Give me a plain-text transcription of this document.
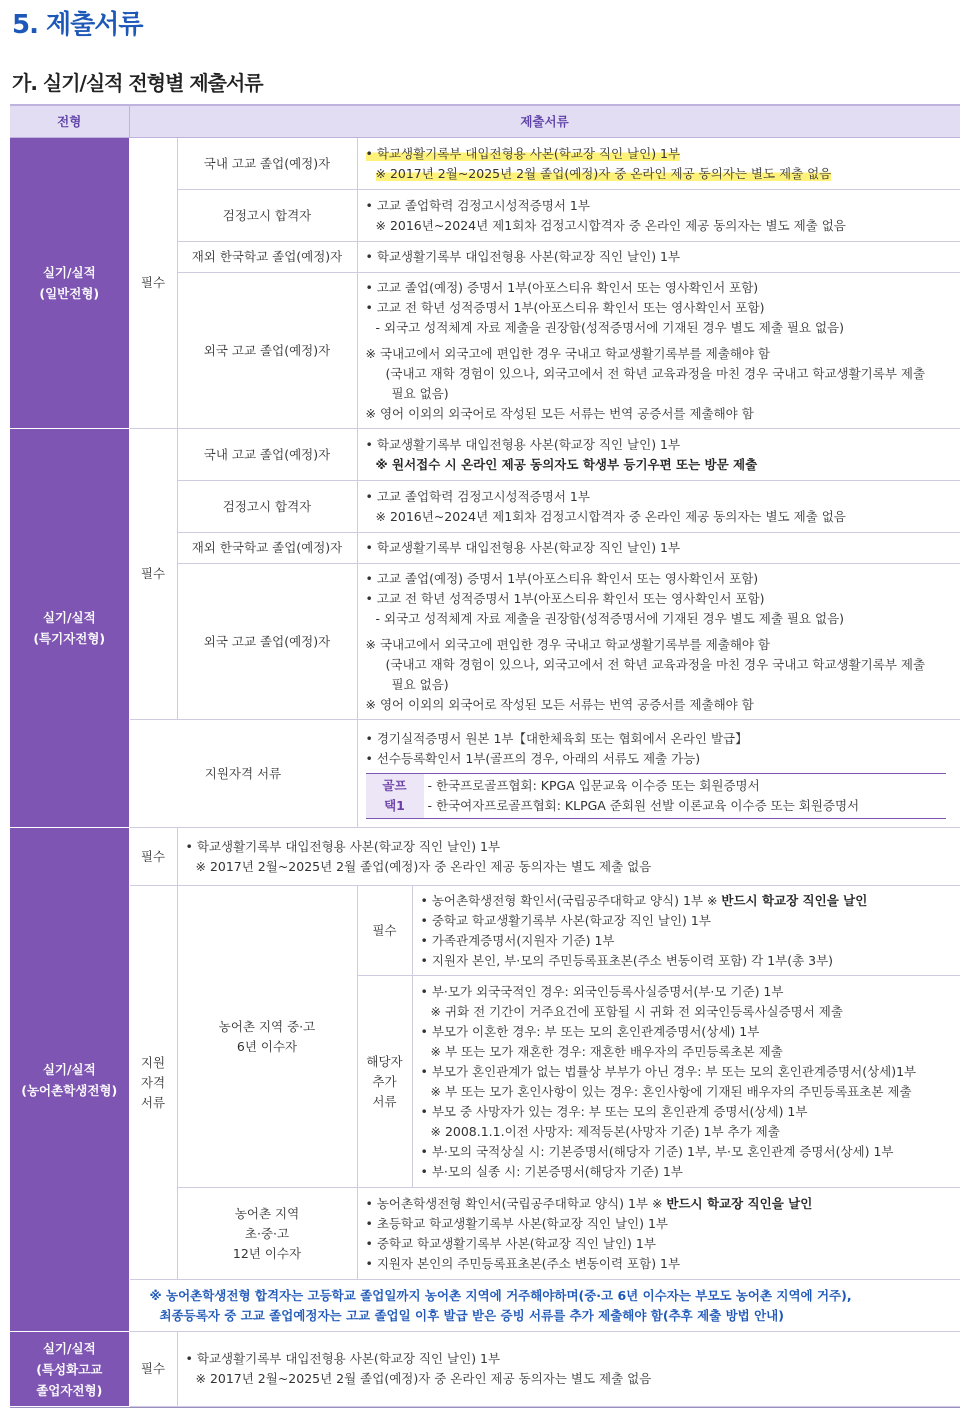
5. 제출서류
가. 실기/실적 전형별 제출서류
전형	제출서류

실기/실적
(일반전형)
	필수	국내 고교 졸업(예정)자	
• 학교생활기록부 대입전형용 사본(학교장 직인 날인) 1부
※ 2017년 2월~2025년 2월 졸업(예정)자 중 온라인 제공 동의자는 별도 제출 없음

검정고시 합격자	
• 고교 졸업학력 검정고시성적증명서 1부
※ 2016년~2024년 제1회차 검정고시합격자 중 온라인 제공 동의자는 별도 제출 없음

재외 한국학교 졸업(예정)자	• 학교생활기록부 대입전형용 사본(학교장 직인 날인) 1부

외국 고교 졸업(예정)자	
• 고교 졸업(예정) 증명서 1부(아포스티유 확인서 또는 영사확인서 포함)
• 고교 전 학년 성적증명서 1부(아포스티유 확인서 또는 영사확인서 포함)
- 외국고 성적체계 자료 제출을 권장함(성적증명서에 기재된 경우 별도 제출 필요 없음)
※ 국내고에서 외국고에 편입한 경우 국내고 학교생활기록부를 제출해야 함
(국내고 재학 경험이 있으나, 외국고에서 전 학년 교육과정을 마친 경우 국내고 학교생활기록부 제출
필요 없음)
※ 영어 이외의 외국어로 작성된 모든 서류는 번역 공증서를 제출해야 함

실기/실적
(특기자전형)
	필수	국내 고교 졸업(예정)자	
• 학교생활기록부 대입전형용 사본(학교장 직인 날인) 1부
※ 원서접수 시 온라인 제공 동의자도 학생부 등기우편 또는 방문 제출

검정고시 합격자	
• 고교 졸업학력 검정고시성적증명서 1부
※ 2016년~2024년 제1회차 검정고시합격자 중 온라인 제공 동의자는 별도 제출 없음

재외 한국학교 졸업(예정)자	• 학교생활기록부 대입전형용 사본(학교장 직인 날인) 1부

외국 고교 졸업(예정)자	
• 고교 졸업(예정) 증명서 1부(아포스티유 확인서 또는 영사확인서 포함)
• 고교 전 학년 성적증명서 1부(아포스티유 확인서 또는 영사확인서 포함)
- 외국고 성적체계 자료 제출을 권장함(성적증명서에 기재된 경우 별도 제출 필요 없음)
※ 국내고에서 외국고에 편입한 경우 국내고 학교생활기록부를 제출해야 함
(국내고 재학 경험이 있으나, 외국고에서 전 학년 교육과정을 마친 경우 국내고 학교생활기록부 제출
필요 없음)
※ 영어 이외의 외국어로 작성된 모든 서류는 번역 공증서를 제출해야 함

지원자격 서류	
• 경기실적증명서 원본 1부【대한체육회 또는 협회에서 온라인 발급】
• 선수등록확인서 1부(골프의 경우, 아래의 서류도 제출 가능)
골프
택1

- 한국프로골프협회: KPGA 입문교육 이수증 또는 회원증명서
- 한국여자프로골프협회: KLPGA 준회원 선발 이론교육 이수증 또는 회원증명서

실기/실적
(농어촌학생전형)
	필수	
• 학교생활기록부 대입전형용 사본(학교장 직인 날인) 1부
※ 2017년 2월~2025년 2월 졸업(예정)자 중 온라인 제공 동의자는 별도 제출 없음

지원
자격
서류

농어촌 지역 중·고
6년 이수자
	필수	
• 농어촌학생전형 확인서(국립공주대학교 양식) 1부 ※ 반드시 학교장 직인을 날인
• 중학교 학교생활기록부 사본(학교장 직인 날인) 1부
• 가족관계증명서(지원자 기준) 1부
• 지원자 본인, 부·모의 주민등록표초본(주소 변동이력 포함) 각 1부(총 3부)

해당자
추가
서류

• 부·모가 외국국적인 경우: 외국인등록사실증명서(부·모 기준) 1부
※ 귀화 전 기간이 거주요건에 포함될 시 귀화 전 외국인등록사실증명서 제출
• 부모가 이혼한 경우: 부 또는 모의 혼인관계증명서(상세) 1부
※ 부 또는 모가 재혼한 경우: 재혼한 배우자의 주민등록초본 제출
• 부모가 혼인관계가 없는 법률상 부부가 아닌 경우: 부 또는 모의 혼인관계증명서(상세)1부
※ 부 또는 모가 혼인사항이 있는 경우: 혼인사항에 기재된 배우자의 주민등록표초본 제출
• 부모 중 사망자가 있는 경우: 부 또는 모의 혼인관계 증명서(상세) 1부
※ 2008.1.1.이전 사망자: 제적등본(사망자 기준) 1부 추가 제출
• 부·모의 국적상실 시: 기본증명서(해당자 기준) 1부, 부·모 혼인관계 증명서(상세) 1부
• 부·모의 실종 시: 기본증명서(해당자 기준) 1부

농어촌 지역
초·중·고
12년 이수자

• 농어촌학생전형 확인서(국립공주대학교 양식) 1부 ※ 반드시 학교장 직인을 날인
• 초등학교 학교생활기록부 사본(학교장 직인 날인) 1부
• 중학교 학교생활기록부 사본(학교장 직인 날인) 1부
• 지원자 본인의 주민등록표초본(주소 변동이력 포함) 1부

※ 농어촌학생전형 합격자는 고등학교 졸업일까지 농어촌 지역에 거주해야하며(중·고 6년 이수자는 부모도 농어촌 지역에 거주),
최종등록자 중 고교 졸업예정자는 고교 졸업일 이후 발급 받은 증빙 서류를 추가 제출해야 함(추후 제출 방법 안내)

실기/실적
(특성화고교
졸업자전형)
	필수	
• 학교생활기록부 대입전형용 사본(학교장 직인 날인) 1부
※ 2017년 2월~2025년 2월 졸업(예정)자 중 온라인 제공 동의자는 별도 제출 없음
